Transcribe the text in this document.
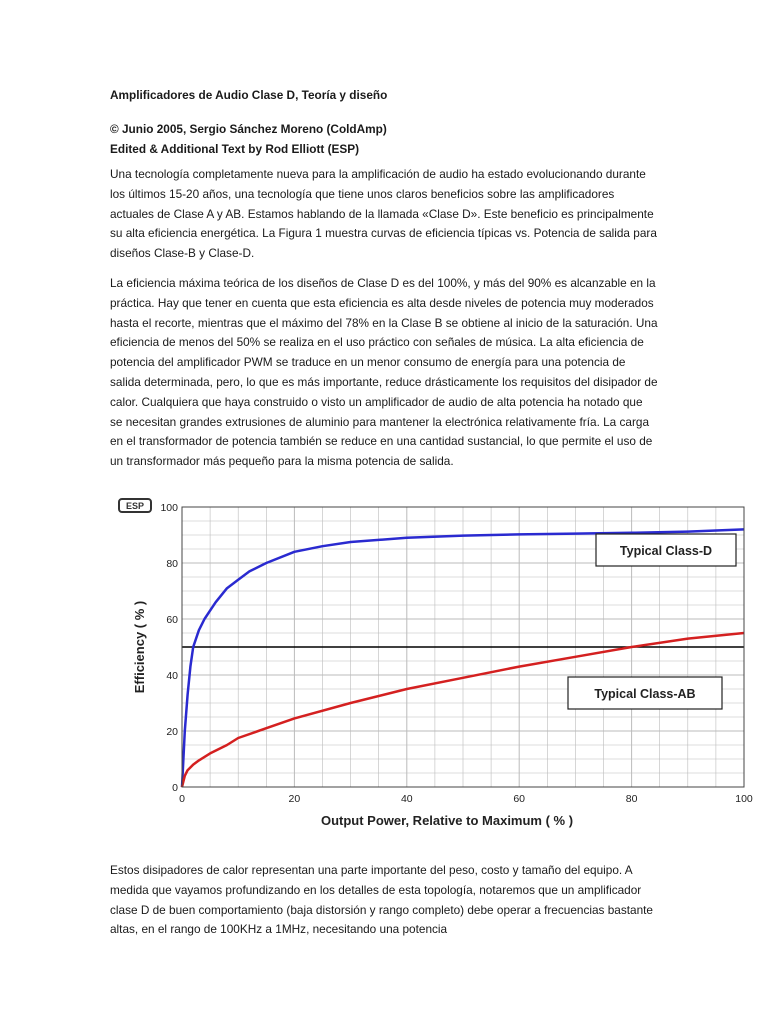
Amplificadores de Audio Clase D, Teoría y diseño
© Junio 2005, Sergio Sánchez Moreno (ColdAmp)
Edited & Additional Text by Rod Elliott (ESP)

Una tecnología completamente nueva para la amplificación de audio ha estado evolucionando durante los últimos 15-20 años, una tecnología que tiene unos claros beneficios sobre las amplificadores actuales de Clase A y AB. Estamos hablando de la llamada «Clase D». Este beneficio es principalmente su alta eficiencia energética. La Figura 1 muestra curvas de eficiencia típicas vs. Potencia de salida para diseños Clase-B y Clase-D.

La eficiencia máxima teórica de los diseños de Clase D es del 100%, y más del 90% es alcanzable en la práctica. Hay que tener en cuenta que esta eficiencia es alta desde niveles de potencia muy moderados hasta el recorte, mientras que el máximo del 78% en la Clase B se obtiene al inicio de la saturación. Una eficiencia de menos del 50% se realiza en el uso práctico con señales de música. La alta eficiencia de potencia del amplificador PWM se traduce en un menor consumo de energía para una potencia de salida determinada, pero, lo que es más importante, reduce drásticamente los requisitos del disipador de calor. Cualquiera que haya construido o visto un amplificador de audio de alta potencia ha notado que se necesitan grandes extrusiones de aluminio para mantener la electrónica relativamente fría. La carga en el transformador de potencia también se reduce en una cantidad sustancial, lo que permite el uso de un transformador más pequeño para la misma potencia de salida.

ESP
0	20	40	60	80	100
0
20
40
60
80
100
Typical Class-D
Typical Class-AB
Efficiency ( % )
Output Power, Relative to Maximum ( % )

Estos disipadores de calor representan una parte importante del peso, costo y tamaño del equipo. A medida que vayamos profundizando en los detalles de esta topología, notaremos que un amplificador clase D de buen comportamiento (baja distorsión y rango completo) debe operar a frecuencias bastante altas, en el rango de 100KHz a 1MHz, necesitando una potencia
